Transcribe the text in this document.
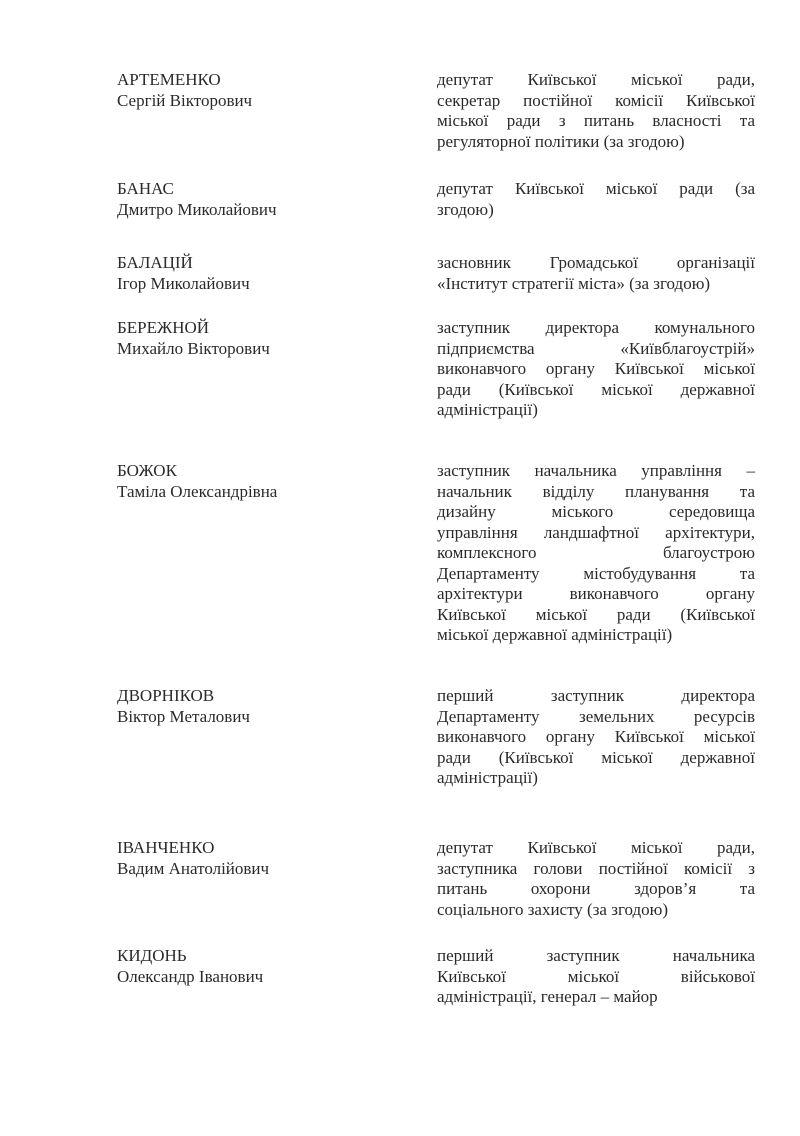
АРТЕМЕНКО
Сергій Вікторович
депутат Київської міської ради,
секретар постійної комісії Київської
міської ради з питань власності та
регуляторної політики (за згодою)
БАНАС
Дмитро Миколайович
депутат Київської міської ради (за
згодою)
БАЛАЦІЙ
Ігор Миколайович
засновник Громадської організації
«Інститут стратегії міста» (за згодою)
БЕРЕЖНОЙ
Михайло Вікторович
заступник директора комунального
підприємства «Київблагоустрій»
виконавчого органу Київської міської
ради (Київської міської державної
адміністрації)
БОЖОК
Таміла Олександрівна
заступник начальника управління –
начальник відділу планування та
дизайну міського середовища
управління ландшафтної архітектури,
комплексного благоустрою
Департаменту містобудування та
архітектури виконавчого органу
Київської міської ради (Київської
міської державної адміністрації)
ДВОРНІКОВ
Віктор Металович
перший заступник директора
Департаменту земельних ресурсів
виконавчого органу Київської міської
ради (Київської міської державної
адміністрації)
ІВАНЧЕНКО
Вадим Анатолійович
депутат Київської міської ради,
заступника голови постійної комісії з
питань охорони здоров’я та
соціального захисту (за згодою)
КИДОНЬ
Олександр Іванович
перший заступник начальника
Київської міської військової
адміністрації, генерал – майор
